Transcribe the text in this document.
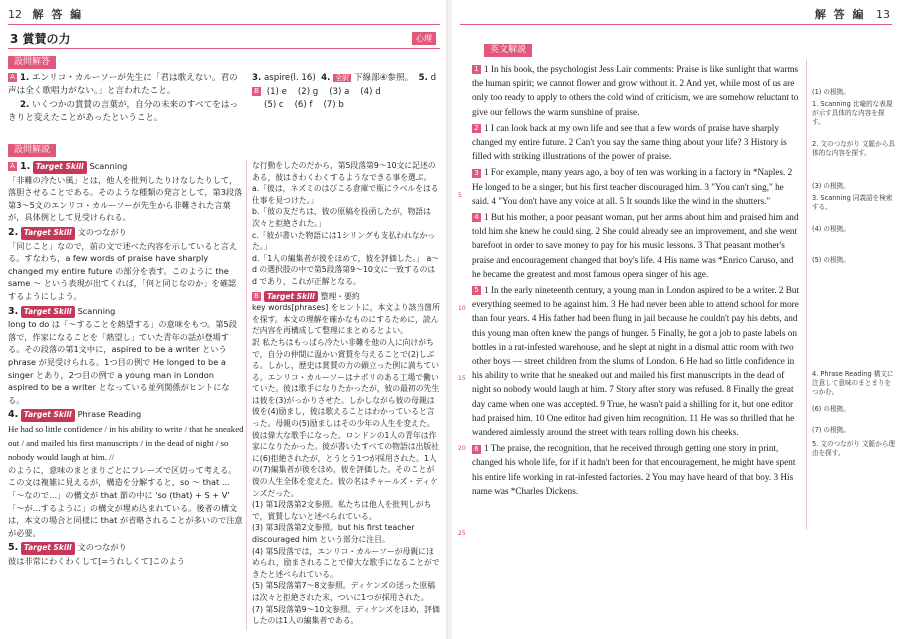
12 解 答 編
3 賞賛の力	心理
設問解答
A 1. エンリコ・カルーソーが先生に「君は歌えない。君の声は全く歌唱力がない。」と言われたこと。
2. いくつかの賞賛の言葉が，自分の未来のすべてをはっきりと変えたことがあったということ。
3. aspire(l. 16) 4. 全訳 下線部④参照。 5. d
B (1) e (2) g (3) a (4) d
(5) c (6) f (7) b
設問解説
A 1. Target Skill Scanning
「非難の冷たい風」とは，他人を批判したりけなしたりして，落胆させることである。そのような種類の発言として，第3段落第3〜5文のエンリコ・カルーソーが先生から非難された言葉が，具体例として見受けられる。
2. Target Skill 文のつながり
「同じこと」なので，前の文で述べた内容を示していると言える。すなわち，a few words of praise have sharply changed my entire future の部分を表す。このように the same 〜 という表現が出てくれば，「何と同じなのか」を確認するようにしよう。
3. Target Skill Scanning
long to do は「〜することを熱望する」の意味をもつ。第5段落で，作家になることを「熱望し」ていた青年の話が登場する。その段落の第1文中に，aspired to be a writer という phrase が見受けられる。1つ目の例で He longed to be a singer とあり，2つ目の例で a young man in London aspired to be a writer となっている並列関係がヒントになる。
4. Target Skill Phrase Reading
He had so little confidence / in his ability to write / that he sneaked out / and mailed his first manuscripts / in the dead of night / so nobody would laugh at him. //
のように，意味のまとまりごとにフレーズで区切って考える。この文は複雑に見えるが，構造を分解すると，so 〜 that ... 「〜なので…」の構文が that 節の中に 'so (that) + S + V' 「〜が…するように」の構文が埋め込まれている。後者の構文は，本文の場合と同様に that が省略されることが多いので注意が必要。
5. Target Skill 文のつながり
彼は非常にわくわくして[=うれしくて]このよう
な行動をしたのだから，第5段落第9〜10文に記述のある，彼はきわくわくするようなできる事を選ぶ。
a.「彼は，ネズミのはびこる倉庫で瓶にラベルをはる仕事を見つけた。」
b.「彼の友だちは，彼の原稿を投函したが，物語は次々と拒絶された。」
c.「彼が書いた物語には1シリングも支払われなかった。」
d.「1人の編集者が彼をほめて，彼を評価した。」 a〜d の選択肢の中で第5段落第9〜10文に一致するのは d であり，これが正解となる。
B Target Skill 整理・要約
key words[phrases] をヒントに，本文より該当箇所を探す。本文の理解を確かなものにするために，読んだ内容を再構成して整理にまとめるとよい。
訳 私たちはもっぱら冷たい非難を他の人に向けがちで，自分の仲間に温かい賞賛を与えることで(2)しぶる。しかし，歴史は賞賛の力の顕立った例に満ちている。エンリコ・カルーソーはナポリのある工場で働いていた。彼は歌手になりたかったが，彼の最初の先生は彼を(3)がっかりさせた。しかしながら彼の母親は彼を(4)励まし，彼は歌えることはわかっていると言った。母親の(5)励ましはその少年の人生を変えた。彼は偉大な歌手になった。ロンドンの1人の青年は作家になりたかった。彼が書いたすべての物語は出版社に(6)拒絶されたが，とうとう1つが採用された。1人の(7)編集者が彼をほめ，彼を評価した。そのことが彼の人生全体を変えた。彼の名はチャールズ・ディケンズだった。
(1) 第1段落第2文参照。私たちは他人を批判しがちで，賞賛しないと述べられている。
(3) 第3段落第2文参照。but his first teacher discouraged him という部分に注目。
(4) 第5段落では，エンリコ・カルーソーが母親にほめられ，励まされることで偉大な歌手になることができたと述べられている。
(5) 第5段落第7〜8文参照。ディケンズの送った原稿は次々と拒絶された末，ついに1つが採用された。
(7) 第5段落第9〜10文参照。ディケンズをほめ，評価したのは1人の編集者である。
解 答 編 13
英文解説
1 1 In his book, the psychologist Jess Lair comments: Praise is like sunlight that warms the human spirit; we cannot flower and grow without it. 2 And yet, while most of us are only too ready to apply to others the cold wind of criticism, we are somehow reluctant to give our fellows the warm sunshine of praise.
2 1 I can look back at my own life and see that a few words of praise have sharply changed my entire future. 2 Can't you say the same thing about your life? 3 History is filled with striking illustrations of the power of praise.
3 1 For example, many years ago, a boy of ten was working in a factory in *Naples. 2 He longed to be a singer, but his first teacher discouraged him. 3 "You can't sing," he said. 4 "You don't have any voice at all. 5 It sounds like the wind in the shutters."
4 1 But his mother, a poor peasant woman, put her arms about him and praised him and told him she knew he could sing. 2 She could already see an improvement, and she went barefoot in order to save money to pay for his music lessons. 3 That peasant mother's praise and encouragement changed that boy's life. 4 His name was *Enrico Caruso, and he became the greatest and most famous opera singer of his age.
5 1 In the early nineteenth century, a young man in London aspired to be a writer. 2 But everything seemed to be against him. 3 He had never been able to attend school for more than four years. 4 His father had been flung in jail because he couldn't pay his debts, and this young man often knew the pangs of hunger. 5 Finally, he got a job to paste labels on bottles in a rat-infested warehouse, and he slept at night in a dismal attic room with two other boys — street children from the slums of London. 6 He had so little confidence in his ability to write that he sneaked out and mailed his first manuscripts in the dead of night so nobody would laugh at him. 7 Story after story was refused. 8 Finally the great day came when one was accepted. 9 True, he wasn't paid a shilling for it, but one editor had praised him. 10 One editor had given him recognition. 11 He was so thrilled that he wandered aimlessly around the street with tears rolling down his cheeks.
6 1 The praise, the recognition, that he received through getting one story in print, changed his whole life, for if it hadn't been for that encouragement, he might have spent his entire life working in rat-infested factories. 2 You may have heard of that boy. 3 His name was *Charles Dickens.
5
10
15
20
25
(1) の根拠。
1. Scanning 比喩的な表現が示す具体的な内容を探す。
2. 文のつながり 文脈から具体的な内容を探す。
(3) の根拠。
3. Scanning 同義語を検索する。
(4) の根拠。
(5) の根拠。
4. Phrase Reading 構文に注意して意味のまとまりをつかむ。
(6) の根拠。
(7) の根拠。
5. 文のつながり 文脈から理由を探す。
